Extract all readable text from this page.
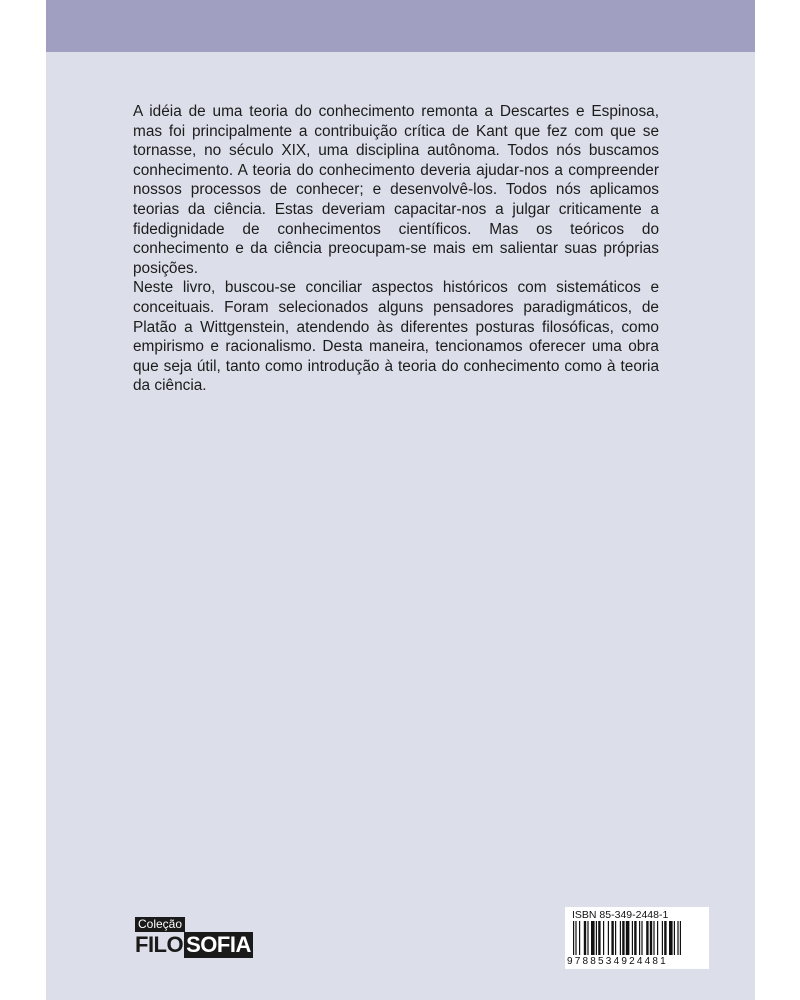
A idéia de uma teoria do conhecimento remonta a Descartes e Espinosa, mas foi principalmente a contribuição crítica de Kant que fez com que se tornasse, no século XIX, uma disciplina autônoma. Todos nós buscamos conhecimento. A teoria do conhecimento deveria ajudar-nos a compreender nossos processos de conhecer; e desenvolvê-los. Todos nós aplicamos teorias da ciência. Estas deveriam capacitar-nos a julgar criticamente a fidedignidade de conhecimentos científicos. Mas os teóricos do conhecimento e da ciência preocupam-se mais em salientar suas próprias posições.

Neste livro, buscou-se conciliar aspectos históricos com sistemáticos e conceituais. Foram selecionados alguns pensadores paradigmáticos, de Platão a Wittgenstein, atendendo às diferentes posturas filosóficas, como empirismo e racionalismo. Desta maneira, tencionamos oferecer uma obra que seja útil, tanto como introdução à teoria do conhecimento como à teoria da ciência.

Coleção
FILO SOFIA
ISBN 85-349-2448-1
9788534924481
